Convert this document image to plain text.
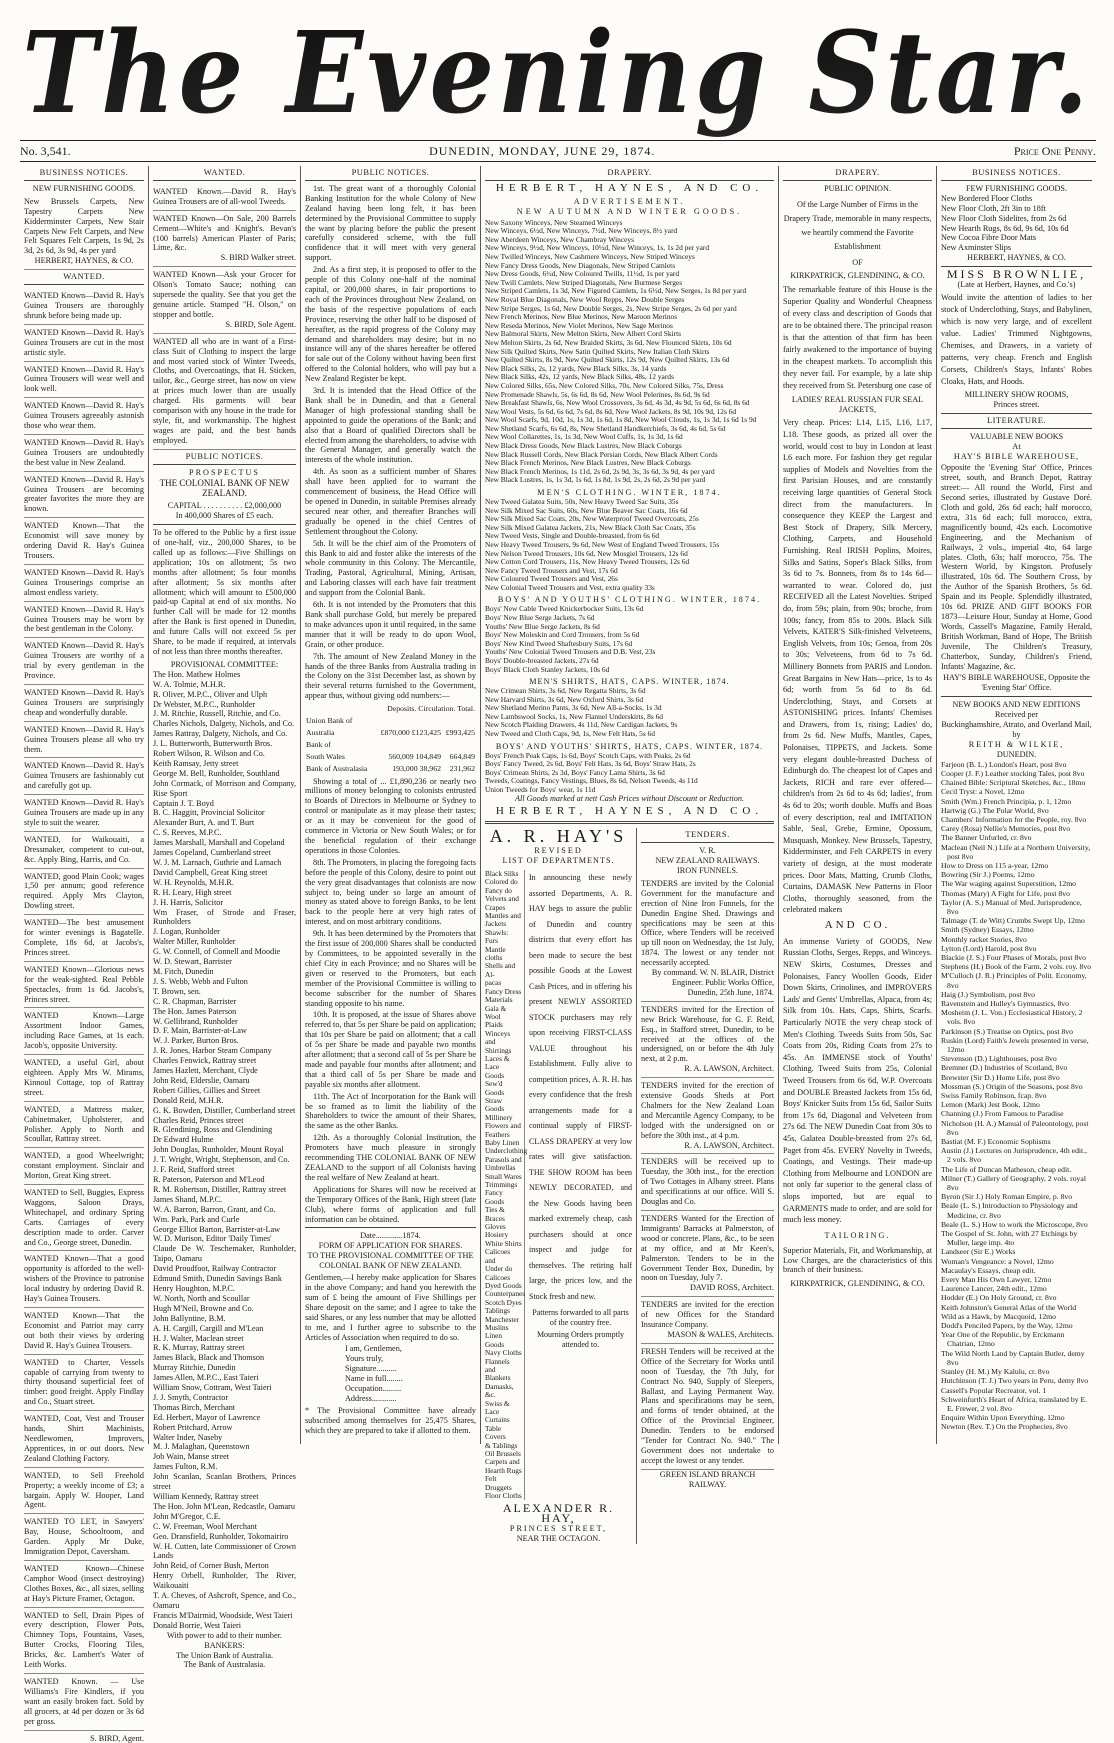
The Evening Star.
No. 3,541.	DUNEDIN, MONDAY, JUNE 29, 1874.	Price One Penny.
BUSINESS NOTICES.
NEW FURNISHING GOODS.

New Brussels Carpets, New Tapestry Carpets New Kidderminster Carpets, New Stair Carpets New Felt Carpets, and New Felt Squares Felt Carpets, 1s 9d, 2s 3d, 2s 6d, 3s 9d, 4s per yard

HERBERT, HAYNES, & CO.

WANTED.

WANTED Known—David R. Hay's Guinea Trousers are thoroughly shrunk before being made up.

WANTED Known—David R. Hay's Guinea Trousers are cut in the most artistic style.

WANTED Known—David R. Hay's Guinea Trousers will wear well and look well.

WANTED Known—David R. Hay's Guinea Trousers agreeably astonish those who wear them.

WANTED Known—David R. Hay's Guinea Trousers are undoubtedly the best value in New Zealand.

WANTED Known—David R. Hay's Guinea Trousers are becoming greater favorites the more they are known.

WANTED Known—That the Economist will save money by ordering David R. Hay's Guinea Trousers.

WANTED Known—David R. Hay's Guinea Trouserings comprise an almost endless variety.

WANTED Known—David R. Hay's Guinea Trousers may be worn by the best gentleman in the Colony.

WANTED Known—David R. Hay's Guinea Trousers are worthy of a trial by every gentleman in the Province.

WANTED Known—David R. Hay's Guinea Trousers are surprisingly cheap and wonderfully durable.

WANTED Known—David R. Hay's Guinea Trousers please all who try them.

WANTED Known—David R. Hay's Guinea Trousers are fashionably cut and carefully got up.

WANTED Known—David R. Hay's Guinea Trousers are made up in any style to suit the wearer.

WANTED, for Waikouaiti, a Dressmaker, competent to cut-out, &c. Apply Bing, Harris, and Co.

WANTED, good Plain Cook; wages 1,50 per annum; good reference required. Apply Mrs Clayton, Dowling street.

WANTED—The best amusement for winter evenings is Bagatelle. Complete, 18s 6d, at Jacobs's, Princes street.

WANTED Known—Glorious news for the weak-sighted. Real Pebble Spectacles, from 1s 6d. Jacobs's, Princes street.

WANTED Known—Large Assortment Indoor Games, including Race Games, at 1s each. Jacob's, opposite University.

WANTED, a useful Girl, about eighteen. Apply Mrs W. Mirams, Kinnoul Cottage, top of Rattray street.

WANTED, a Mattress maker, Cabinetmaker, Upholsterer, and Polisher. Apply to North and Scoullar, Rattray street.

WANTED, a good Wheelwright; constant employment. Sinclair and Morton, Great King street.

WANTED to Sell, Buggies, Express Waggons, Saloon Drays, Whitechapel, and ordinary Spring Carts. Carriages of every description made to order. Carver and Co., George street, Dunedin.

WANTED Known—That a good opportunity is afforded to the well-wishers of the Province to patronise local industry by ordering David R. Hay's Guinea Trousers.

WANTED Known—That the Economist and Patriot may carry out both their views by ordering David R. Hay's Guinea Trousers.

WANTED to Charter, Vessels capable of carrying from twenty to thirty thousand superficial feet of timber: good freight. Apply Findlay and Co., Stuart street.

WANTED, Coat, Vest and Trouser hands, Shirt Machinists, Needlewomen, Improvers, Apprentices, in or out doors. New Zealand Clothing Factory.

WANTED, to Sell Freehold Property; a weekly income of £3; a bargain. Apply W. Hooper, Land Agent.

WANTED TO LET, in Sawyers' Bay, House, Schoolroom, and Garden. Apply Mr Duke, Immigration Depot, Caversham.

WANTED Known—Chinese Camphor Wood (insect destroying) Clothes Boxes, &c., all sizes, selling at Hay's Picture Framer, Octagon.

WANTED to Sell, Drain Pipes of every description, Flower Pots, Chimney Tops, Fountains, Vases, Butter Crocks, Flooring Tiles, Bricks, &c. Lambert's Water of Leith Works.

WANTED Known. — Use Williams's Fire Kindlers, if you want an easily broken fact. Sold by all grocers, at 4d per dozen or 3s 6d per gross.

S. BIRD, Agent.
WANTED.

WANTED Known.—David R. Hay's Guinea Trousers are of all-wool Tweeds.

WANTED Known—On Sale, 200 Barrels Cement—White's and Knight's. Bevan's (100 barrels) American Plaster of Paris; Lime, &c.

S. BIRD Walker street.

WANTED Known—Ask your Grocer for Olson's Tomato Sauce; nothing can supersede the quality. See that you get the genuine article. Stamped "H. Olson," on stopper and bottle.

S. BIRD, Sole Agent.

WANTED all who are in want of a First-class Suit of Clothing to inspect the large and most varied stock of Winter Tweeds, Cloths, and Overcoatings, that H. Sticken, tailor, &c., George street, has now on view at prices much lower than are usually charged. His garments will bear comparison with any house in the trade for style, fit, and workmanship. The highest wages are paid, and the best hands employed.

PUBLIC NOTICES.
PROSPECTUS
THE COLONIAL BANK OF NEW ZEALAND.
CAPITAL . . . . . . . . . . £2,000,000
In 400,000 Shares of £5 each.

To be offered to the Public by a first issue of one-half, viz., 200,000 Shares, to be called up as follows:—Five Shillings on application; 10s on allotment; 5s two months after allotment; 5s four months after allotment; 5s six months after allotment; which will amount to £500,000 paid-up Capital at end of six months. No further Call will be made for 12 months after the Bank is first opened in Dunedin, and future Calls will not exceed 5s per Share, to be made if required, at intervals of not less than three months thereafter.

PROVISIONAL COMMITTEE:
The Hon. Mathew Holmes
W. A. Tolmie, M.H.R.
R. Oliver, M.P.C., Oliver and Ulph
Dr Webster, M.P.C., Runholder
J. M. Ritchie, Russell, Ritchie, and Co.
Charles Nichols, Dalgety, Nichols, and Co.
James Rattray, Dalgety, Nichols, and Co.
J. L. Butterworth, Butterworth Bros.
Robert Wilson, R. Wilson and Co.
Keith Ramsay, Jetty street
George M. Bell, Runholder, Southland
John Cormack, of Morrison and Company, Rise Sport
Captain J. T. Boyd
B. C. Haggitt, Provincial Solicitor
Alexander Burt, A. and T. Burt
C. S. Reeves, M.P.C.
James Marshall, Marshall and Copeland
James Copeland, Cumberland street
W. J. M. Larnach, Guthrie and Larnach
David Campbell, Great King street
W. H. Reynolds, M.H.R.
R. H. Leary, High street
J. H. Harris, Solicitor
Wm Fraser, of Strode and Fraser, Runholders
J. Logan, Runholder
Walter Miller, Runholder
G. W. Connell, of Connell and Moodie
W. D. Stewart, Barrister
M. Fitch, Dunedin
J. S. Webb, Webb and Fulton
T. Brown, sen.
C. R. Chapman, Barrister
The Hon. James Paterson
W. Gellibrand, Runholder
D. F. Main, Barrister-at-Law
W. J. Parker, Burton Bros.
J. R. Jones, Harbor Steam Company
Charles Fenwick, Rattray street
James Hazlett, Merchant, Clyde
John Reid, Elderslie, Oamaru
Robert Gillies, Gillies and Street
Donald Reid, M.H.R.
G. K. Bowden, Distiller, Cumberland street
Charles Reid, Princes street
R. Glendining, Ross and Glendining
Dr Edward Hulme
John Douglas, Runholder, Mount Royal
J. T. Wright, Wright, Stephenson, and Co.
J. F. Reid, Stafford street
R. Paterson, Paterson and M'Leod
R. M. Robertson, Distiller, Rattray street
James Shand, M.P.C.
W. A. Barron, Barron, Grant, and Co.
Wm. Park, Park and Curle
George Elliot Barton, Barrister-at-Law
W. D. Murison, Editor 'Daily Times'
Claude De W. Teschemaker, Runholder, Taipo, Oamaru
David Proudfoot, Railway Contractor
Edmund Smith, Dunedin Savings Bank
Henry Houghton, M.P.C.
W. North, North and Scoullar
Hugh M'Neil, Browne and Co.
John Ballyntine, B.M.
A. H. Cargill, Cargill and M'Lean
H. J. Walter, Maclean street
R. K. Murray, Rattray street
James Black, Black and Thomson
Murray Ritchie, Dunedin
James Allen, M.P.C., East Taieri
William Snow, Cottram, West Taieri
J. J. Smyth, Contractor
Thomas Birch, Merchant
Ed. Herbert, Mayor of Lawrence
Robert Pritchard, Arrow
Walter Inder, Naseby
M. J. Malaghan, Queenstown
Job Wain, Manse street
James Fulton, R.M.
John Scanlan, Scanlan Brothers, Princes street
William Kennedy, Rattray street
The Hon. John M'Lean, Redcastle, Oamaru
John M'Gregor, C.E.
C. W. Freeman, Wool Merchant
Geo. Dransfield, Runholder, Tokomairiro
W. H. Cutten, late Commissioner of Crown Lands
John Reid, of Corner Bush, Merton
Henry Orbell, Runholder, The River, Waikouaiti
T. A. Cheves, of Ashcroft, Spence, and Co., Oamaru
Francis M'Dairmid, Woodside, West Taieri
Donald Borrie, West Taieri
With power to add to their number.
BANKERS:
The Union Bank of Australia.
The Bank of Australasia.
PUBLIC NOTICES.

1st. The great want of a thoroughly Colonial Banking Institution for the whole Colony of New Zealand having been long felt, it has been determined by the Provisional Committee to supply the want by placing before the public the present carefully considered scheme, with the full confidence that it will meet with very general support.

2nd. As a first step, it is proposed to offer to the people of this Colony one-half of the nominal capital, or 200,000 shares, in fair proportions to each of the Provinces throughout New Zealand, on the basis of the respective populations of each Province, reserving the other half to be disposed of hereafter, as the rapid progress of the Colony may demand and shareholders may desire; but in no instance will any of the shares hereafter be offered for sale out of the Colony without having been first offered to the Colonial holders, who will pay but a New Zealand Register be kept.

3rd. It is intended that the Head Office of the Bank shall be in Dunedin, and that a General Manager of high professional standing shall be appointed to guide the operations of the Bank; and also that a Board of qualified Directors shall be elected from among the shareholders, to advise with the General Manager, and generally watch the interests of the whole institution.

4th. As soon as a sufficient number of Shares shall have been applied for to warrant the commencement of business, the Head Office will be opened in Dunedin, in suitable Premises already secured near other, and thereafter Branches will gradually be opened in the chief Centres of Settlement throughout the Colony.

5th. It will be the chief aim of the Promoters of this Bank to aid and foster alike the interests of the whole community in this Colony. The Mercantile, Trading, Pastoral, Agricultural, Mining, Artisan, and Laboring classes will each have fair treatment and support from the Colonial Bank.

6th. It is not intended by the Promoters that this Bank shall purchase Gold, but merely be prepared to make advances upon it until required, in the same manner that it will be ready to do upon Wool, Grain, or other produce.

7th. The amount of New Zealand Money in the hands of the three Banks from Australia trading in the Colony on the 31st December last, as shown by their several returns furnished to the Government, appear thus, without giving odd numbers:—

	Deposits. Circulation. Total.	
Union Bank of		
Australia	£870,000 £123,425	£993,425
Bank of		
South Wales	560,009 104,849	664,849
Bank of Australasia	193,000 38,962	231,962

Showing a total of ... £1,890,236 or nearly two millions of money belonging to colonists entrusted to Boards of Directors in Melbourne or Sydney to control or manipulate as it may please their tastes; or as it may be convenient for the good of commerce in Victoria or New South Wales; or for the beneficial regulation of their exchange operations in those Colonies.

8th. The Promoters, in placing the foregoing facts before the people of this Colony, desire to point out the very great disadvantages that colonists are now subject to, being under so large an amount of money as stated above to foreign Banks, to be lent back to the people here at very high rates of interest, and on most arbitrary conditions.

9th. It has been determined by the Promoters that the first issue of 200,000 Shares shall be conducted by Committees, to be appointed severally in the chief City in each Province; and no Shares will be given or reserved to the Promoters, but each member of the Provisional Committee is willing to become subscriber for the number of Shares standing opposite to his name.

10th. It is proposed, at the issue of Shares above referred to, that 5s per Share be paid on application; that 10s per Share be paid on allotment; that a call of 5s per Share be made and payable two months after allotment; that a second call of 5s per Share be made and payable four months after allotment; and that a third call of 5s per Share be made and payable six months after allotment.

11th. The Act of Incorporation for the Bank will be so framed as to limit the liability of the Shareholders to twice the amount of their Shares, the same as the other Banks.

12th. As a thoroughly Colonial Institution, the Promoters have much pleasure in strongly recommending THE COLONIAL BANK OF NEW ZEALAND to the support of all Colonists having the real welfare of New Zealand at heart.

Applications for Shares will now be received at the Temporary Offices of the Bank, High street (late Club), where forms of application and full information can be obtained.

Date.............1874.
FORM OF APPLICATION FOR SHARES.
TO THE PROVISIONAL COMMITTEE OF THE COLONIAL BANK OF NEW ZEALAND.

Gentlemen,—I hereby make application for Shares in the above Company; and hand you herewith the sum of £ being the amount of Five Shillings per Share deposit on the same; and I agree to take the said Shares, or any less number that may be allotted to me, and I further agree to subscribe to the Articles of Association when required to do so.

I am, Gentlemen,
Yours truly,
Signature..........
Name in full........
Occupation.........
Address............

* The Provisional Committee have already subscribed among themselves for 25,475 Shares, which they are prepared to take if allotted to them.

DRAPERY.
HERBERT, HAYNES, AND CO.
ADVERTISEMENT.
NEW AUTUMN AND WINTER GOODS.
New Saxony Winceys, New Steamed Winceys
New Winceys, 6½d, New Winceys, 7½d, New Winceys, 8½ yard
New Aberdeen Winceys, New Chambray Winceys
New Winceys, 9½d, New Winceys, 10½d, New Winceys, 1s, 1s 2d per yard
New Twilled Winceys, New Cashmere Winceys, New Striped Winceys
New Fancy Dress Goods, New Diagonals, New Striped Camlets
New Dress Goods, 6½d, New Coloured Twills, 11½d, 1s per yard
New Twill Camlets, New Striped Diagonals, New Burmese Serges
New Striped Camlets, 1s 3d, New Figured Camlets, 1s 6½d, New Serges, 1s 8d per yard
New Royal Blue Diagonals, New Wool Repps, New Double Serges
New Stripe Serges, 1s 6d, New Double Serges, 2s, New Stripe Serges, 2s 6d per yard
New French Merinos, New Blue Merinos, New Maroon Merinos
New Reseda Merinos, New Violet Merinos, New Sage Merinos
New Balmoral Skirts, New Melton Skirts, New Albert Cord Skirts
New Melton Skirts, 2s 6d, New Braided Skirts, 3s 6d, New Flounced Skirts, 10s 6d
New Silk Quilted Skirts, New Satin Quilted Skirts, New Italian Cloth Skirts
New Quilted Skirts, 8s 9d, New Quilted Skirts, 12s 9d, New Quilted Skirts, 13s 6d
New Black Silks, 2s, 12 yards, New Black Silks, 3s, 14 yards
New Black Silks, 42s, 12 yards, New Black Silks, 48s, 12 yards
New Colored Silks, 65s, New Colored Silks, 70s, New Colored Silks, 75s, Dress
New Promenade Shawls, 5s, 6s 6d, 8s 6d, New Wool Pelerines, 8s 6d, 9s 6d
New Breakfast Shawls, 6s, New Wool Crossovers, 3s 6d, 4s 3d, 4s 9d, 5s 6d, 6s 6d, 8s 6d
New Wool Vests, 5s 6d, 6s 6d, 7s 6d, 8s 6d, New Wool Jackets, 8s 9d, 10s 9d, 12s 6d
New Wool Scarfs, 9d, 10d, 1s, 1s 3d, 1s 6d, 1s 8d, New Wool Clouds, 1s, 1s 3d, 1s 6d 1s 9d
New Shetland Scarfs, 6s 6d, 8s, New Shetland Handkerchiefs, 3s 6d, 4s 6d, 5s 6d
New Wool Collarettes, 1s, 1s 3d, New Wool Cuffs, 1s, 1s 3d, 1s 6d
New Black Dress Goods, New Black Lustres, New Black Coburgs
New Black Russell Cords, New Black Persian Cords, New Black Albert Cords
New Black French Merinos, New Black Lustres, New Black Coburgs
New Black French Merinos, 1s 11d, 2s 6d, 2s 9d, 3s, 3s 6d, 3s 9d, 4s per yard
New Black Lustres, 1s, 1s 3d, 1s 6d, 1s 8d, 1s 9d, 2s, 2s 6d, 2s 9d per yard
MEN'S CLOTHING. WINTER, 1874.
New Tweed Galatea Suits, 50s, New Heavy Tweed Sac Suits, 35s
New Silk Mixed Sac Suits, 60s, New Blue Beaver Sac Coats, 16s 6d
New Silk Mixed Sac Coats, 20s, New Waterproof Tweed Overcoats, 25s
New Silk Mixed Galatea Jackets, 21s, New Black Cloth Sac Coats, 35s
New Tweed Vests, Single and Double-breasted, from 6s 6d
New Heavy Tweed Trousers, 9s 6d, New West of England Tweed Trousers, 15s
New Nelson Tweed Trousers, 10s 6d, New Mosgiel Trousers, 12s 6d
New Cotton Cord Trousers, 11s, New Heavy Tweed Trousers, 12s 6d
New Fancy Tweed Trousers and Vest, 17s 6d
New Coloured Tweed Trousers and Vest, 26s
New Colonial Tweed Trousers and Vest, extra quality 33s
BOYS' AND YOUTHS' CLOTHING. WINTER, 1874.
Boys' New Cable Tweed Knickerbocker Suits, 13s 6d
Boys' New Blue Serge Jackets, 7s 6d
Youths' New Blue Serge Jackets, 8s 6d
Boys' New Moleskin and Cord Trousers, from 5s 6d
Boys' New Kind Tweed Shaftesbury Suits, 17s 6d
Youths' New Colonial Tweed Trousers and D.B. Vest, 23s
Boys' Double-breasted Jackets, 27s 6d
Boys' Black Cloth Stanley Jackets, 10s 6d
MEN'S SHIRTS, HATS, CAPS. WINTER, 1874.
New Crimean Shirts, 3s 6d, New Regatta Shirts, 3s 6d
New Harvard Shirts, 3s 6d, New Oxford Shirts, 3s 6d
New Shetland Merino Pants, 3s 6d, New All-a-Socks, 1s 3d
New Lambswool Socks, 1s, New Flannel Underskirts, 8s 6d
New Scotch Plaiding Drawers, 4s 11d, New Cardigan Jackets, 9s
New Tweed and Cloth Caps, 9d, 1s, New Felt Hats, 5s 6d
BOYS' AND YOUTHS' SHIRTS, HATS, CAPS. WINTER, 1874.
Boys' French Peak Caps, 1s 6d, Boys' Scotch Caps, with Peaks, 2s 6d
Boys' Fancy Tweed, 2s 6d, Boys' Felt Hats, 3s 6d, Boys' Straw Hats, 2s
Boys' Crimean Shirts, 2s 3d, Boys' Fancy Lama Shirts, 3s 6d
Tweeds, Coatings, Fancy Vestings, Blues, 8s 6d, Nelson Tweeds, 4s 11d
Union Tweeds for Boys' wear, 1s 11d
All Goods marked at nett Cash Prices without Discount or Reduction.
HERBERT, HAYNES, AND CO.
A. R. HAY'S
REVISED
LIST OF DEPARTMENTS.
Black Silks
Colored do
Fancy do
Velvets and
Crapes
Mantles and
Jackets
Shawls: Furs
Mantle cloths
Shells and Al-
pacas
Fancy Dress
Materials
Gala & Wool
Plaids
Winceys and
Shirtings
Laces & Lace
Goods
Sew'd Goods
Straw Goods
Millinery
Flowers and
Feathers
Baby Linen
Underclothing
Parasols and
Umbrellas
Small Wares
Trimmings
Fancy Goods
Ties & Braces
Gloves
Hosiery
White Shirts
Calicoes and
Under do
Calicoes
Dyed Goods
Counterpanes
Scotch Dyes
Tablings
Manchester
Muslins
Linen Goods
Navy Cloths
Flannels and
Blankets
Damasks, &c.
Swiss & Lace
Curtains
Table Covers
& Tablings
Oil Brussels
Carpets and
Hearth Rugs
Felt Druggets
Floor Cloths

In announcing these newly assorted Departments, A. R. HAY begs to assure the public of Dunedin and country districts that every effort has been made to secure the best possible Goods at the Lowest Cash Prices, and in offering his present NEWLY ASSORTED STOCK purchasers may rely upon receiving FIRST-CLASS VALUE throughout his Establishment. Fully alive to competition prices, A. R. H. has every confidence that the fresh arrangements made for a continual supply of FIRST-CLASS DRAPERY at very low rates will give satisfaction. THE SHOW ROOM has been NEWLY DECORATED, and the New Goods having been marked extremely cheap, cash purchasers should at once inspect and judge for themselves. The retiring half large, the prices low, and the Stock fresh and new.

Patterns forwarded to all parts of the country free.

Mourning Orders promptly attended to.

ALEXANDER R. HAY,
PRINCES STREET,
NEAR THE OCTAGON.
TENDERS.
V. R.
NEW ZEALAND RAILWAYS.
IRON FUNNELS.

TENDERS are invited by the Colonial Government for the manufacture and erection of Nine Iron Funnels, for the Dunedin Engine Shed. Drawings and specifications may be seen at this Office, where Tenders will be received up till noon on Wednesday, the 1st July, 1874. The lowest or any tender not necessarily accepted.

By command. W. N. BLAIR, District Engineer. Public Works Office, Dunedin, 25th June, 1874.

TENDERS invited for the Erection of new Brick Warehouse, for G. F. Reid, Esq., in Stafford street, Dunedin, to be received at the offices of the undersigned, on or before the 4th July next, at 2 p.m.

R. A. LAWSON, Architect.

TENDERS invited for the erection of extensive Goods Sheds at Port Chalmers for the New Zealand Loan and Mercantile Agency Company, to be lodged with the undersigned on or before the 30th inst., at 4 p.m.

R. A. LAWSON, Architect.

TENDERS will be received up to Tuesday, the 30th inst., for the erection of Two Cottages in Albany street. Plans and specifications at our office. Will S. Douglas and Co.

TENDERS Wanted for the Erection of Immigrants' Barracks at Palmerston, of wood or concrete. Plans, &c., to be seen at my office, and at Mr Keen's, Palmerston. Tenders to be in the Government Tender Box, Dunedin, by noon on Tuesday, July 7.

DAVID ROSS, Architect.

TENDERS are invited for the erection of new Offices for the Standard Insurance Company.

MASON & WALES, Architects.

FRESH Tenders will be received at the Office of the Secretary for Works until noon of Tuesday, the 7th July, for Contract No. 940, Supply of Sleepers, Ballast, and Laying Permanent Way. Plans and specifications may be seen, and forms of tender obtained, at the Office of the Provincial Engineer, Dunedin. Tenders to be endorsed "Tender for Contract No. 940." The Government does not undertake to accept the lowest or any tender.

GREEN ISLAND BRANCH RAILWAY.
DRAPERY.
PUBLIC OPINION.

Of the Large Number of Firms in the Drapery Trade, memorable in many respects, we heartily commend the Favorite Establishment

OF
KIRKPATRICK, GLENDINING, & CO.

The remarkable feature of this House is the Superior Quality and Wonderful Cheapness of every class and description of Goods that are to be obtained there. The principal reason is that the attention of that firm has been fairly awakened to the importance of buying in the cheapest markets. To accomplish this they never fail. For example, by a late ship they received from St. Petersburg one case of

LADIES' REAL RUSSIAN FUR SEAL JACKETS,

Very cheap. Prices: L14, L15, L16, L17, L18. These goods, as prized all over the world, would cost to buy in London at least L6 each more. For fashion they get regular supplies of Models and Novelties from the first Parisian Houses, and are constantly receiving large quantities of General Stock direct from the manufacturers. In consequence they KEEP the Largest and Best Stock of Drapery, Silk Mercery, Clothing, Carpets, and Household Furnishing. Real IRISH Poplins, Moires, Silks and Satins, Soper's Black Silks, from 3s 6d to 7s. Bonnets, from 8s to 14s 6d—warranted to wear. Colored do, just RECEIVED all the Latest Novelties. Striped do, from 59s; plain, from 90s; broche, from 100s; fancy, from 85s to 200s. Black Silk Velvets, KATER'S Silk-finished Velveteens, English Velvets, from 10s; Genoa, from 20s to 30s; Velveteens, from 6d to 7s 6d. Millinery Bonnets from PARIS and London. Great Bargains in New Hats—price, 1s to 4s 6d; worth from 5s 6d to 8s 6d. Underclothing, Stays, and Corsets at ASTONISHING prices. Infants' Chemises and Drawers, from 1s, rising; Ladies' do, from 2s 6d. New Muffs, Mantles, Capes, Polonaises, TIPPETS, and Jackets. Some very elegant double-breasted Duchess of Edinburgh do. The cheapest lot of Capes and Jackets, RICH and rare ever offered—children's from 2s 6d to 4s 6d; ladies', from 4s 6d to 20s; worth double. Muffs and Boas of every description, real and IMITATION Sable, Seal, Grebe, Ermine, Opossum, Musquash, Monkey. New Brussels, Tapestry, Kidderminster, and Felt CARPETS in every variety of design, at the most moderate prices. Door Mats, Matting, Crumb Cloths, Curtains, DAMASK New Patterns in Floor Cloths, thoroughly seasoned, from the celebrated makers

AND CO.

An immense Variety of GOODS, New Russian Cloths, Serges, Repps, and Winceys. NEW Skirts, Costumes, Dresses and Polonaises, Fancy Woollen Goods, Eider Down Skirts, Crinolines, and IMPROVERS Lads' and Gents' Umbrellas, Alpaca, from 4s; Silk from 10s. Hats, Caps, Shirts, Scarfs. Particularly NOTE the very cheap stock of Men's Clothing. Tweeds Suits from 50s, Sac Coats from 20s, Riding Coats from 27s to 45s. An IMMENSE stock of Youths' Clothing. Tweed Suits from 25s, Colonial Tweed Trousers from 6s 6d, W.P. Overcoats and DOUBLE Breasted Jackets from 15s 6d, Boys' Knicker Suits from 15s 6d, Sailor Suits from 17s 6d, Diagonal and Velveteen from 27s 6d. The NEW Dunedin Coat from 30s to 45s, Galatea Double-breasted from 27s 6d, Paget from 45s. EVERY Novelty in Tweeds, Coatings, and Vestings. Their made-up Clothing from Melbourne and LONDON are not only far superior to the general class of slops imported, but are equal to GARMENTS made to order, and are sold for much less money.

TAILORING.

Superior Materials, Fit, and Workmanship, at Low Charges, are the characteristics of this branch of their business.

KIRKPATRICK, GLENDINING, & CO.
BUSINESS NOTICES.
FEW FURNISHING GOODS.
New Bordered Floor Cloths
New Floor Cloth, 2ft 3in to 18ft
New Floor Cloth Sidelites, from 2s 6d
New Hearth Rugs, 8s 6d, 9s 6d, 10s 6d
New Cocoa Fibre Door Mats
New Axminster Slips
HERBERT, HAYNES, & CO.
MISS BROWNLIE,
(Late at Herbert, Haynes, and Co.'s)

Would invite the attention of ladies to her stock of Underclothing, Stays, and Babylinen, which is now very large, and of excellent value. Ladies' Trimmed Nightgowns, Chemises, and Drawers, in a variety of patterns, very cheap. French and English Corsets, Children's Stays, Infants' Robes Cloaks, Hats, and Hoods.

MILLINERY SHOW ROOMS,
Princes street.
LITERATURE.
VALUABLE NEW BOOKS
At
HAY'S BIBLE WAREHOUSE,

Opposite the 'Evening Star' Office, Princes street, south, and Branch Depot, Rattray street:— All round the World, First and Second series, illustrated by Gustave Doré. Cloth and gold, 26s 6d each; half morocco, extra, 31s 6d each; full morocco, extra, magnificently bound, 42s each. Locomotive Engineering, and the Mechanism of Railways, 2 vols., imperial 4to, 64 large plates. Cloth, 63s; half morocco, 75s. The Western World, by Kingston. Profusely illustrated, 10s 6d. The Southern Cross, by the Author of the Spanish Brothers, 5s 6d. Spain and its People. Splendidly illustrated, 10s 6d. PRIZE AND GIFT BOOKS FOR 1873—Leisure Hour, Sunday at Home, Good Words, Cassell's Magazine, Family Herald, British Workman, Band of Hope, The British Juvenile, The Children's Treasury, Chatterbox, Sunday, Children's Friend, Infants' Magazine, &c.

HAY'S BIBLE WAREHOUSE, Opposite the 'Evening Star' Office.
NEW BOOKS AND NEW EDITIONS Received per
Buckinghamshire, Atrato, and Overland Mail, by
REITH & WILKIE,
DUNEDIN.
Farjeon (B. L.) London's Heart, post 8vo
Cooper (J. F.) Leather stocking Tales, post 8vo
Chained Bible: Scriptural Sketches, &c., 18mo
Cecil Tryst: a Novel, 12mo
Smith (Wm.) French Principia, p. 1, 12mo
Hartwig (G.) The Polar World, 8vo
Chambers' Information for the People, roy. 8vo
Carey (Rosa) Nellie's Memories, post 8vo
The Banner Unfurled, cr. 8vo
Maclean (Neil N.) Life at a Northern University, post 8vo
How to Dress on 115 a-year, 12mo
Bowring (Sir J.) Poems, 12mo
The War waging against Superstition, 12mo
Thomas (Mary) A Fight for Life, post 8vo
Taylor (A. S.) Manual of Med. Jurisprudence, 8vo
Talmage (T. de Witt) Crumbs Swept Up, 12mo
Smith (Sydney) Essays, 12mo
Monthly racket Stories, 8vo
Lytton (Lord) Harold, post 8vo
Blackie (J. S.) Four Phases of Morals, post 8vo
Stephens (H.) Book of the Farm, 2 vols. roy. 8vo
M'Culloch (J. R.) Principles of Polit. Economy, 8vo
Haig (J.) Symbolism, post 8vo
Ravenstein and Hulley's Gymnastics, 8vo
Mosheim (J. L. Von.) Ecclesiastical History, 2 vols. 8vo
Parkinson (S.) Treatise on Optics, post 8vo
Ruskin (Lord) Faith's Jewels presented in verse, 12mo
Stevenson (D.) Lighthouses, post 8vo
Bremner (D.) Industries of Scotland, 8vo
Brewster (Sir D.) Home Life, post 8vo
Mossman (S.) Origin of the Seasons, post 8vo
Swiss Family Robinson, fcap. 8vo
Lemon (Mark) Jest Book, 12mo
Channing (J.) From Famous to Paradise
Nicholson (H. A.) Manual of Paleontology, post 8vo
Bastiat (M. F.) Economic Sophisms
Austin (J.) Lectures on Jurisprudence, 4th edit., 2 vols. 8vo
The Life of Duncan Matheson, cheap edit.
Milner (T.) Gallery of Geography, 2 vols. royal 8vo
Byron (Sir J.) Holy Roman Empire, p. 8vo
Beale (L. S.) Introduction to Physiology and Medicine, cr. 8vo
Beale (L. S.) How to work the Microscope, 8vo
The Gospel of St. John, with 27 Etchings by Muller, large imp. 4to
Landseer (Sir E.) Works
Woman's Vengeance: a Novel, 12mo
Macaulay's Essays, cheap edit.
Every Man His Own Lawyer, 12mo
Laurence Lancer, 24th edit., 12mo
Hodder (E.) On Holy Ground, cr. 8vo
Keith Johnston's General Atlas of the World
Wild as a Hawk, by Macquoid, 12mo
Dodd's Penciled Papers, by the Way, 12mo
Year One of the Republic, by Erckmann Chatrian, 12mo
The Wild North Land by Captain Butler, demy 8vo
Stanley (H. M.) My Kalulu, cr. 8vo
Hutchinson (T. J.) Two years in Peru, demy 8vo
Cassell's Popular Recreator, vol. 1
Schweinfurth's Heart of Africa, translated by E. E. Frewer, 2 vol. 8vo
Enquire Within Upon Everything, 12mo
Newton (Rev. T.) On the Prophecies, 8vo
